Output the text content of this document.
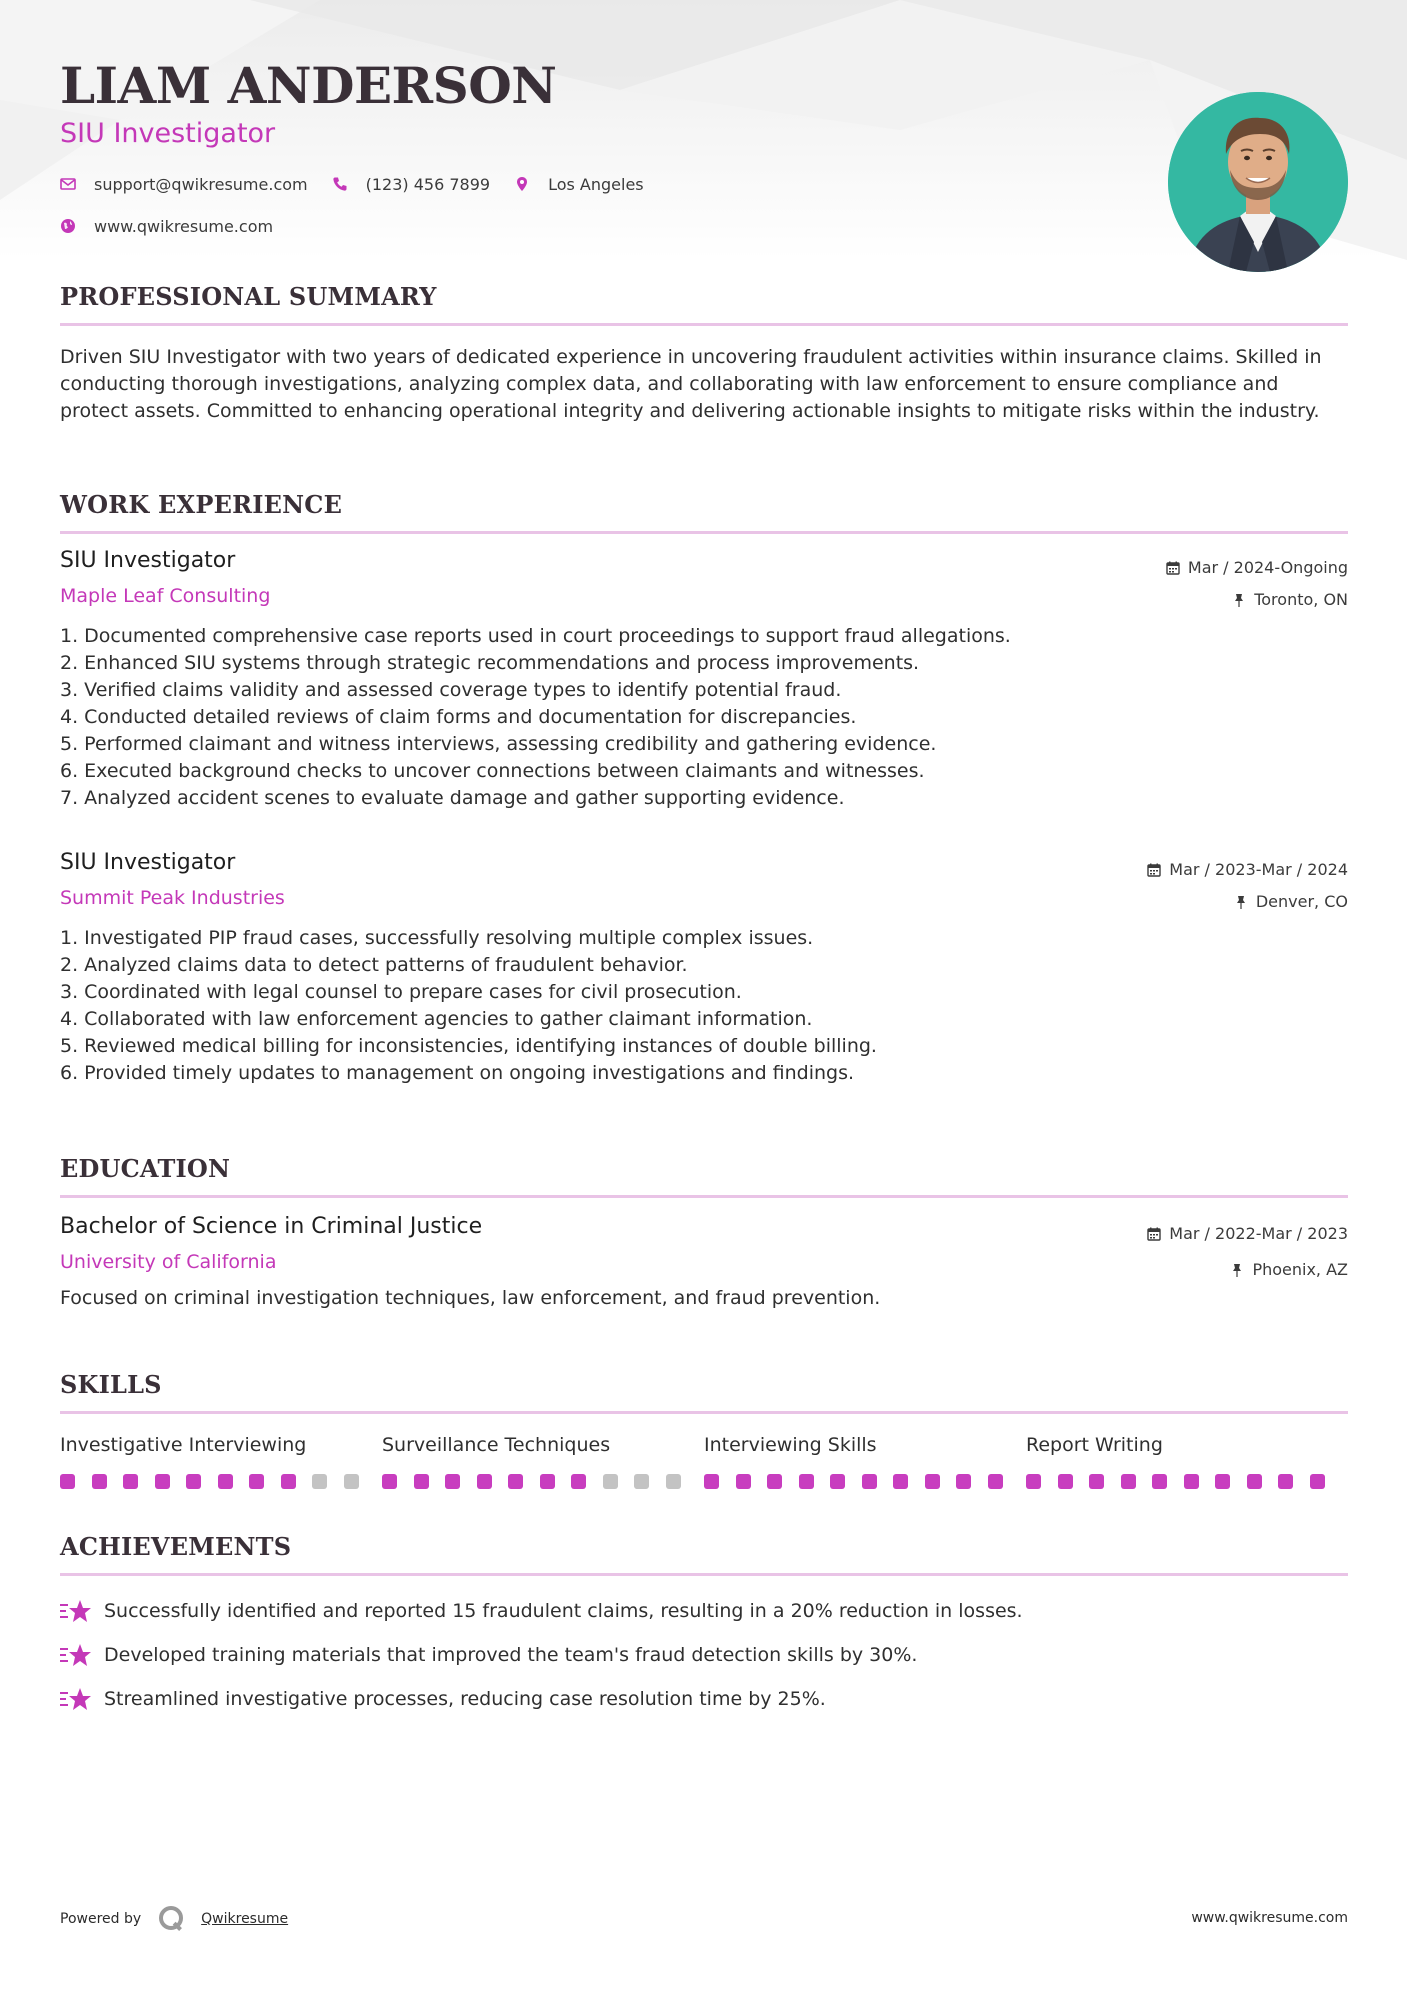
LIAM ANDERSON
SIU Investigator
support@qwikresume.com	(123) 456 7899	Los Angeles
www.qwikresume.com
PROFESSIONAL SUMMARY
Driven SIU Investigator with two years of dedicated experience in uncovering fraudulent activities within insurance claims. Skilled in conducting thorough investigations, analyzing complex data, and collaborating with law enforcement to ensure compliance and protect assets. Committed to enhancing operational integrity and delivering actionable insights to mitigate risks within the industry.
WORK EXPERIENCE
SIU Investigator
Maple Leaf Consulting
Mar / 2024-Ongoing
Toronto, ON
1. Documented comprehensive case reports used in court proceedings to support fraud allegations.
2. Enhanced SIU systems through strategic recommendations and process improvements.
3. Verified claims validity and assessed coverage types to identify potential fraud.
4. Conducted detailed reviews of claim forms and documentation for discrepancies.
5. Performed claimant and witness interviews, assessing credibility and gathering evidence.
6. Executed background checks to uncover connections between claimants and witnesses.
7. Analyzed accident scenes to evaluate damage and gather supporting evidence.
SIU Investigator
Summit Peak Industries
Mar / 2023-Mar / 2024
Denver, CO
1. Investigated PIP fraud cases, successfully resolving multiple complex issues.
2. Analyzed claims data to detect patterns of fraudulent behavior.
3. Coordinated with legal counsel to prepare cases for civil prosecution.
4. Collaborated with law enforcement agencies to gather claimant information.
5. Reviewed medical billing for inconsistencies, identifying instances of double billing.
6. Provided timely updates to management on ongoing investigations and findings.
EDUCATION
Bachelor of Science in Criminal Justice
University of California
Mar / 2022-Mar / 2023
Phoenix, AZ
Focused on criminal investigation techniques, law enforcement, and fraud prevention.
SKILLS
Investigative Interviewing	Surveillance Techniques	Interviewing Skills	Report Writing
ACHIEVEMENTS
Successfully identified and reported 15 fraudulent claims, resulting in a 20% reduction in losses.
Developed training materials that improved the team's fraud detection skills by 30%.
Streamlined investigative processes, reducing case resolution time by 25%.
Powered by	Qwikresume	www.qwikresume.com
